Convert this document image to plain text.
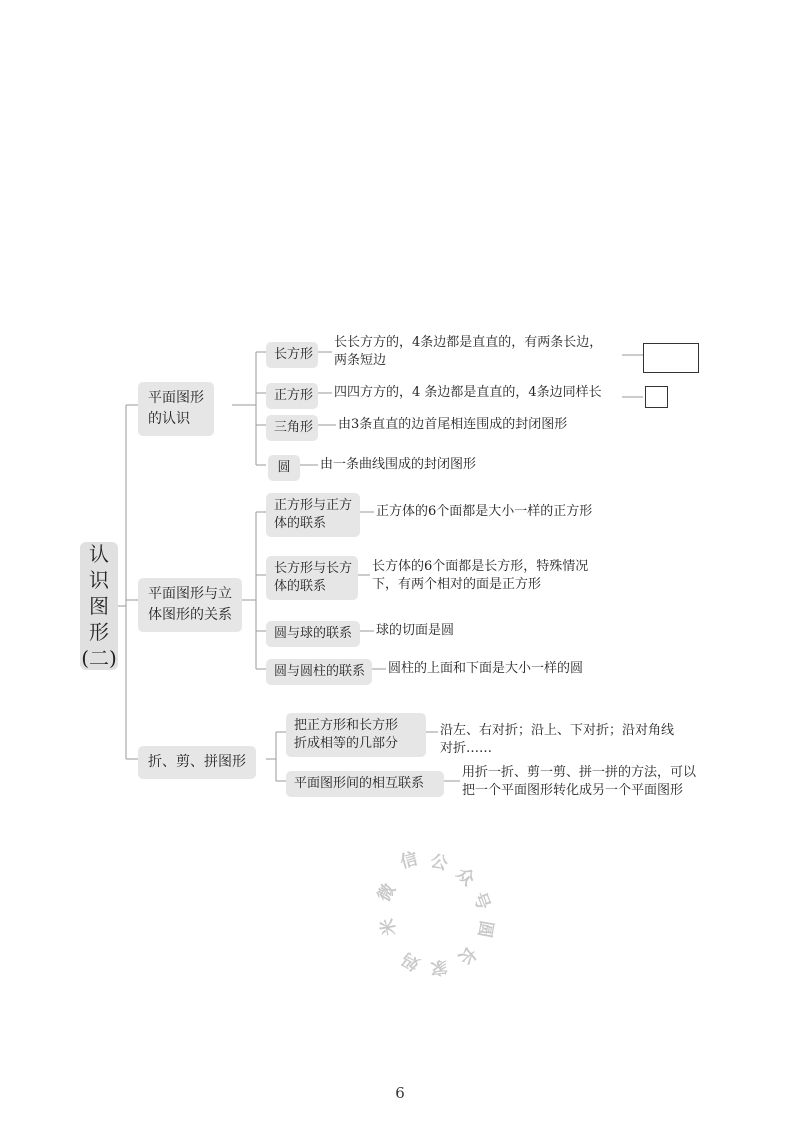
认
识
图
形
(二)
平面图形
的认识
平面图形与立
体图形的关系
折、剪、拼图形
长方形
长长方方的，4条边都是直直的，有两条长边，
两条短边
正方形	四四方方的，4 条边都是直直的，4条边同样长
三角形	由3条直直的边首尾相连围成的封闭图形
圆	由一条曲线围成的封闭图形
正方形与正方
体的联系
正方体的6个面都是大小一样的正方形
长方形与长方
体的联系
长方体的6个面都是长方形，特殊情况
下，有两个相对的面是正方形
圆与球的联系	球的切面是圆
圆与圆柱的联系	圆柱的上面和下面是大小一样的圆
把正方形和长方形
折成相等的几部分
沿左、右对折；沿上、下对折；沿对角线
对折……
平面图形间的相互联系
用折一折、剪一剪、拼一拼的方法，可以
把一个平面图形转化成另一个平面图形
信 公
众
号
圆
长
家
妈
米
微
6
